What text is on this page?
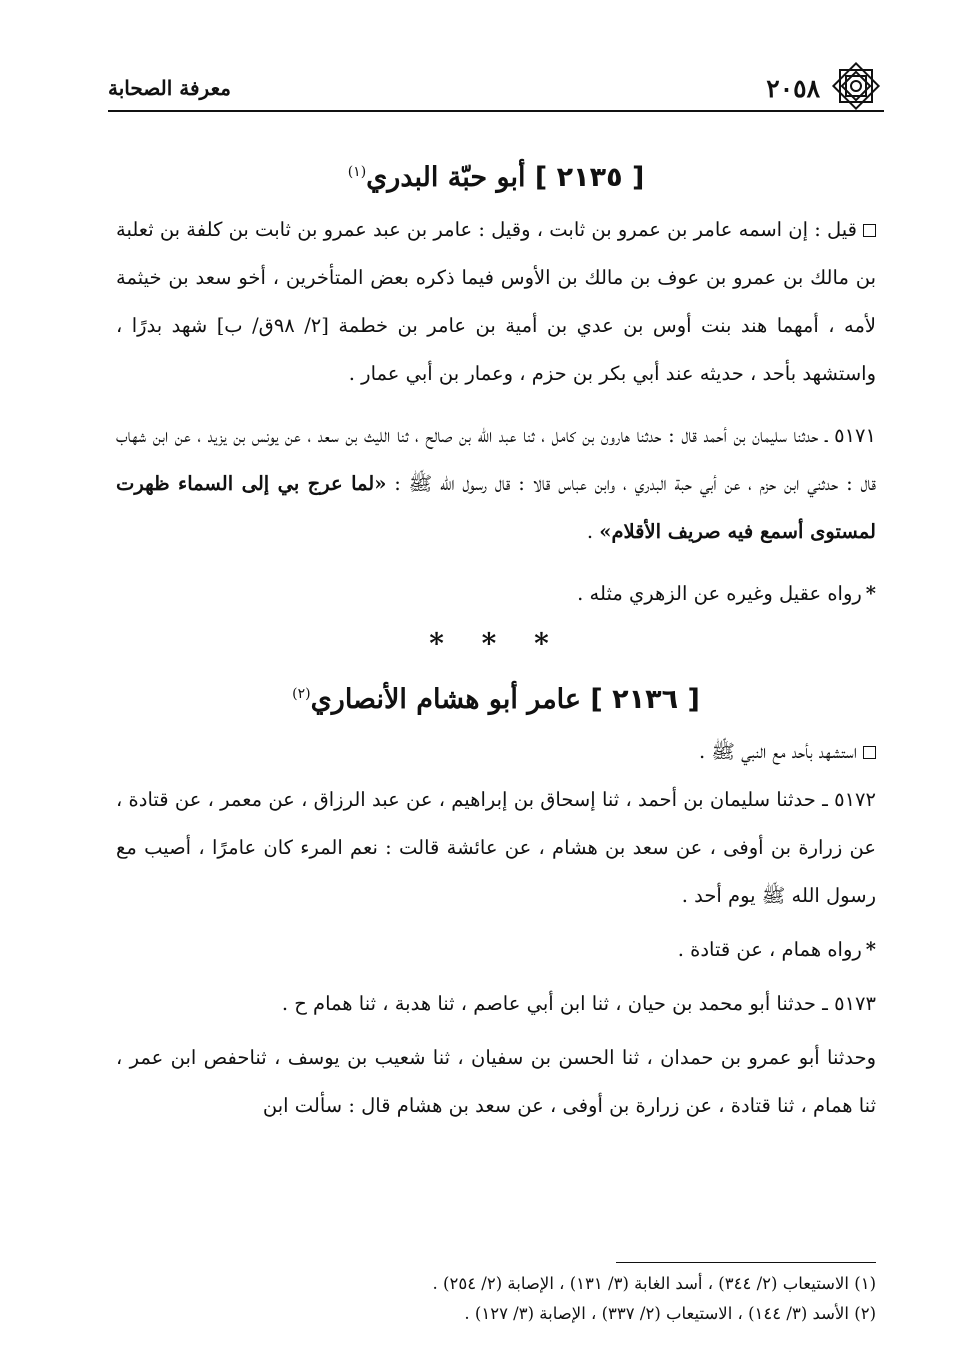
٢٠٥٨
معرفة الصحابة
[ ٢١٣٥ ] أبو حبّة البدري$^{(١)}$

قيل : إن اسمه عامر بن عمرو بن ثابت ، وقيل : عامر بن عبد عمرو بن ثابت بن كلفة بن ثعلبة بن مالك بن عمرو بن عوف بن مالك بن الأوس فيما ذكره بعض المتأخرين ، أخو سعد بن خيثمة لأمه ، أمهما هند بنت أوس بن عدي بن أمية بن عامر بن خطمة [٢/ ٩٨ق/ ب] شهد بدرًا ، واستشهد بأحد ، حديثه عند أبي بكر بن حزم ، وعمار بن أبي عمار .

٥١٧١ ـ حدثنا سليمان بن أحمد قال : حدثنا هارون بن كامل ، ثنا عبد الله بن صالح ، ثنا الليث بن سعد ، عن يونس بن يزيد ، عن ابن شهاب قال : حدثني ابن حزم ، عن أبي حبة البدري ، وابن عباس قالا : قال رسول الله ﷺ : «لما عرج بي إلى السماء ظهرت لمستوى أسمع فيه صريف الأقلام» .

*رواه عقيل وغيره عن الزهري مثله .

* * *
[ ٢١٣٦ ] عامر أبو هشام الأنصاري$^{(٢)}$

استشهد بأحد مع النبي ﷺ .

٥١٧٢ ـ حدثنا سليمان بن أحمد ، ثنا إسحاق بن إبراهيم ، عن عبد الرزاق ، عن معمر ، عن قتادة ، عن زرارة بن أوفى ، عن سعد بن هشام ، عن عائشة قالت : نعم المرء كان عامرًا ، أصيب مع رسول الله ﷺ يوم أحد .

*رواه همام ، عن قتادة .

٥١٧٣ ـ حدثنا أبو محمد بن حيان ، ثنا ابن أبي عاصم ، ثنا هدبة ، ثنا همام ح .

وحدثنا أبو عمرو بن حمدان ، ثنا الحسن بن سفيان ، ثنا شعيب بن يوسف ، ثناحفص ابن عمر ، ثنا همام ، ثنا قتادة ، عن زرارة بن أوفى ، عن سعد بن هشام قال : سألت ابن

(١) الاستيعاب (٢/ ٣٤٤) ، أسد الغابة (٣/ ١٣١) ، الإصابة (٢/ ٢٥٤) .

(٢) الأسد (٣/ ١٤٤) ، الاستيعاب (٢/ ٣٣٧) ، الإصابة (٣/ ١٢٧) .
